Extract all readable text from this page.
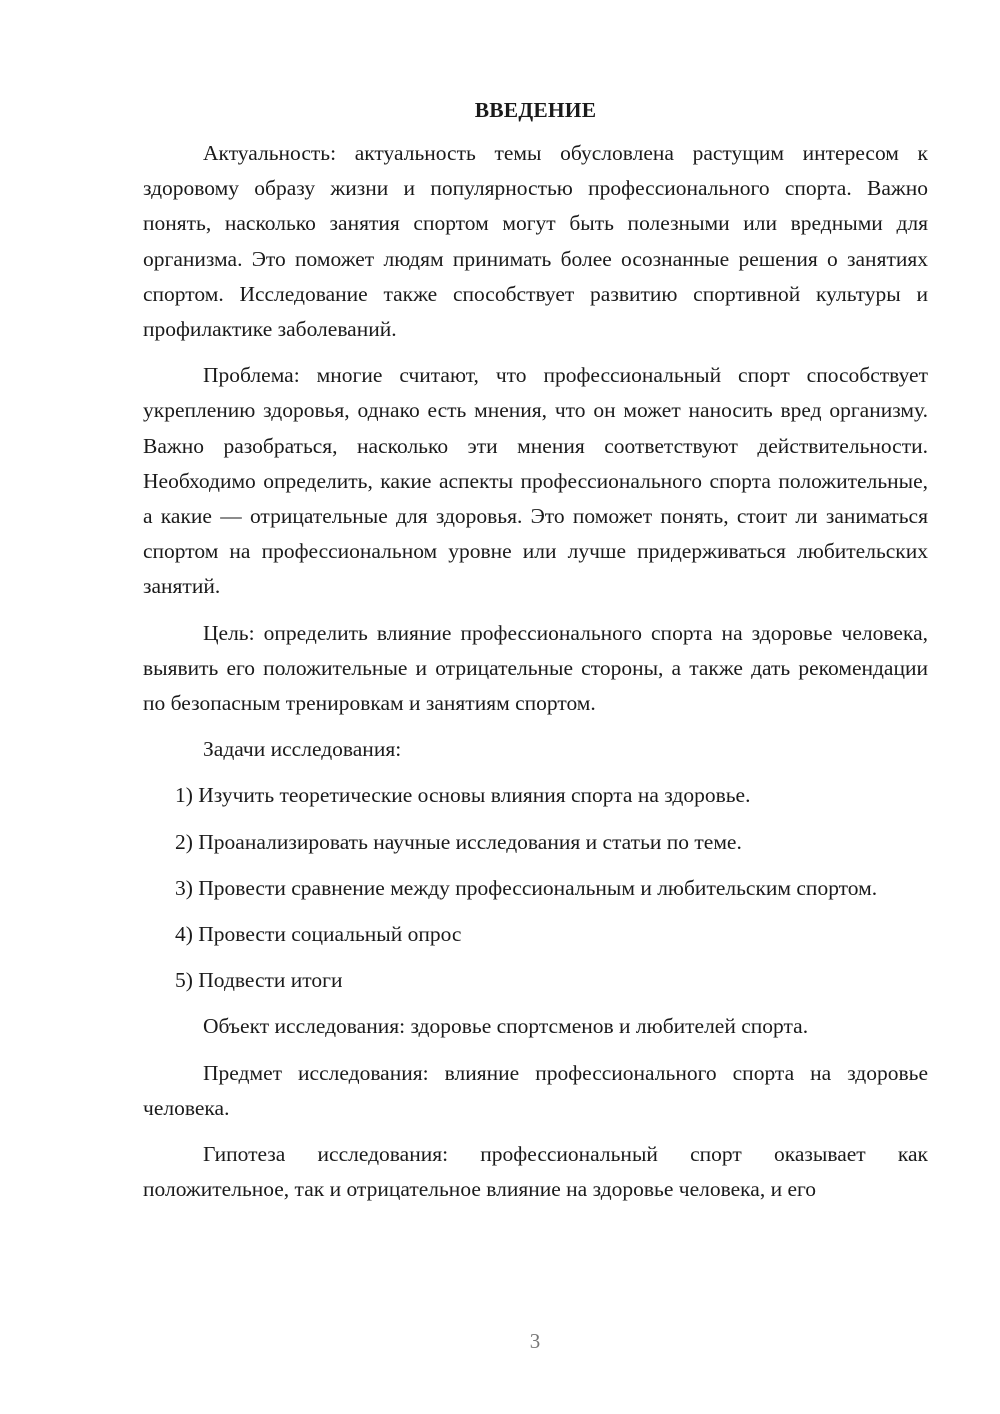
ВВЕДЕНИЕ

Актуальность: актуальность темы обусловлена растущим интересом к здоровому образу жизни и популярностью профессионального спорта. Важно понять, насколько занятия спортом могут быть полезными или вредными для организма. Это поможет людям принимать более осознанные решения о занятиях спортом. Исследование также способствует развитию спортивной культуры и профилактике заболеваний.

Проблема: многие считают, что профессиональный спорт способствует укреплению здоровья, однако есть мнения, что он может наносить вред организму. Важно разобраться, насколько эти мнения соответствуют действительности. Необходимо определить, какие аспекты профессионального спорта положительные, а какие — отрицательные для здоровья. Это поможет понять, стоит ли заниматься спортом на профессиональном уровне или лучше придерживаться любительских занятий.

Цель: определить влияние профессионального спорта на здоровье человека, выявить его положительные и отрицательные стороны, а также дать рекомендации по безопасным тренировкам и занятиям спортом.

Задачи исследования:

1) Изучить теоретические основы влияния спорта на здоровье.

2) Проанализировать научные исследования и статьи по теме.

3) Провести сравнение между профессиональным и любительским спортом.

4) Провести социальный опрос

5) Подвести итоги

Объект исследования: здоровье спортсменов и любителей спорта.

Предмет исследования: влияние профессионального спорта на здоровье человека.

Гипотеза исследования: профессиональный спорт оказывает как положительное, так и отрицательное влияние на здоровье человека, и его

3
